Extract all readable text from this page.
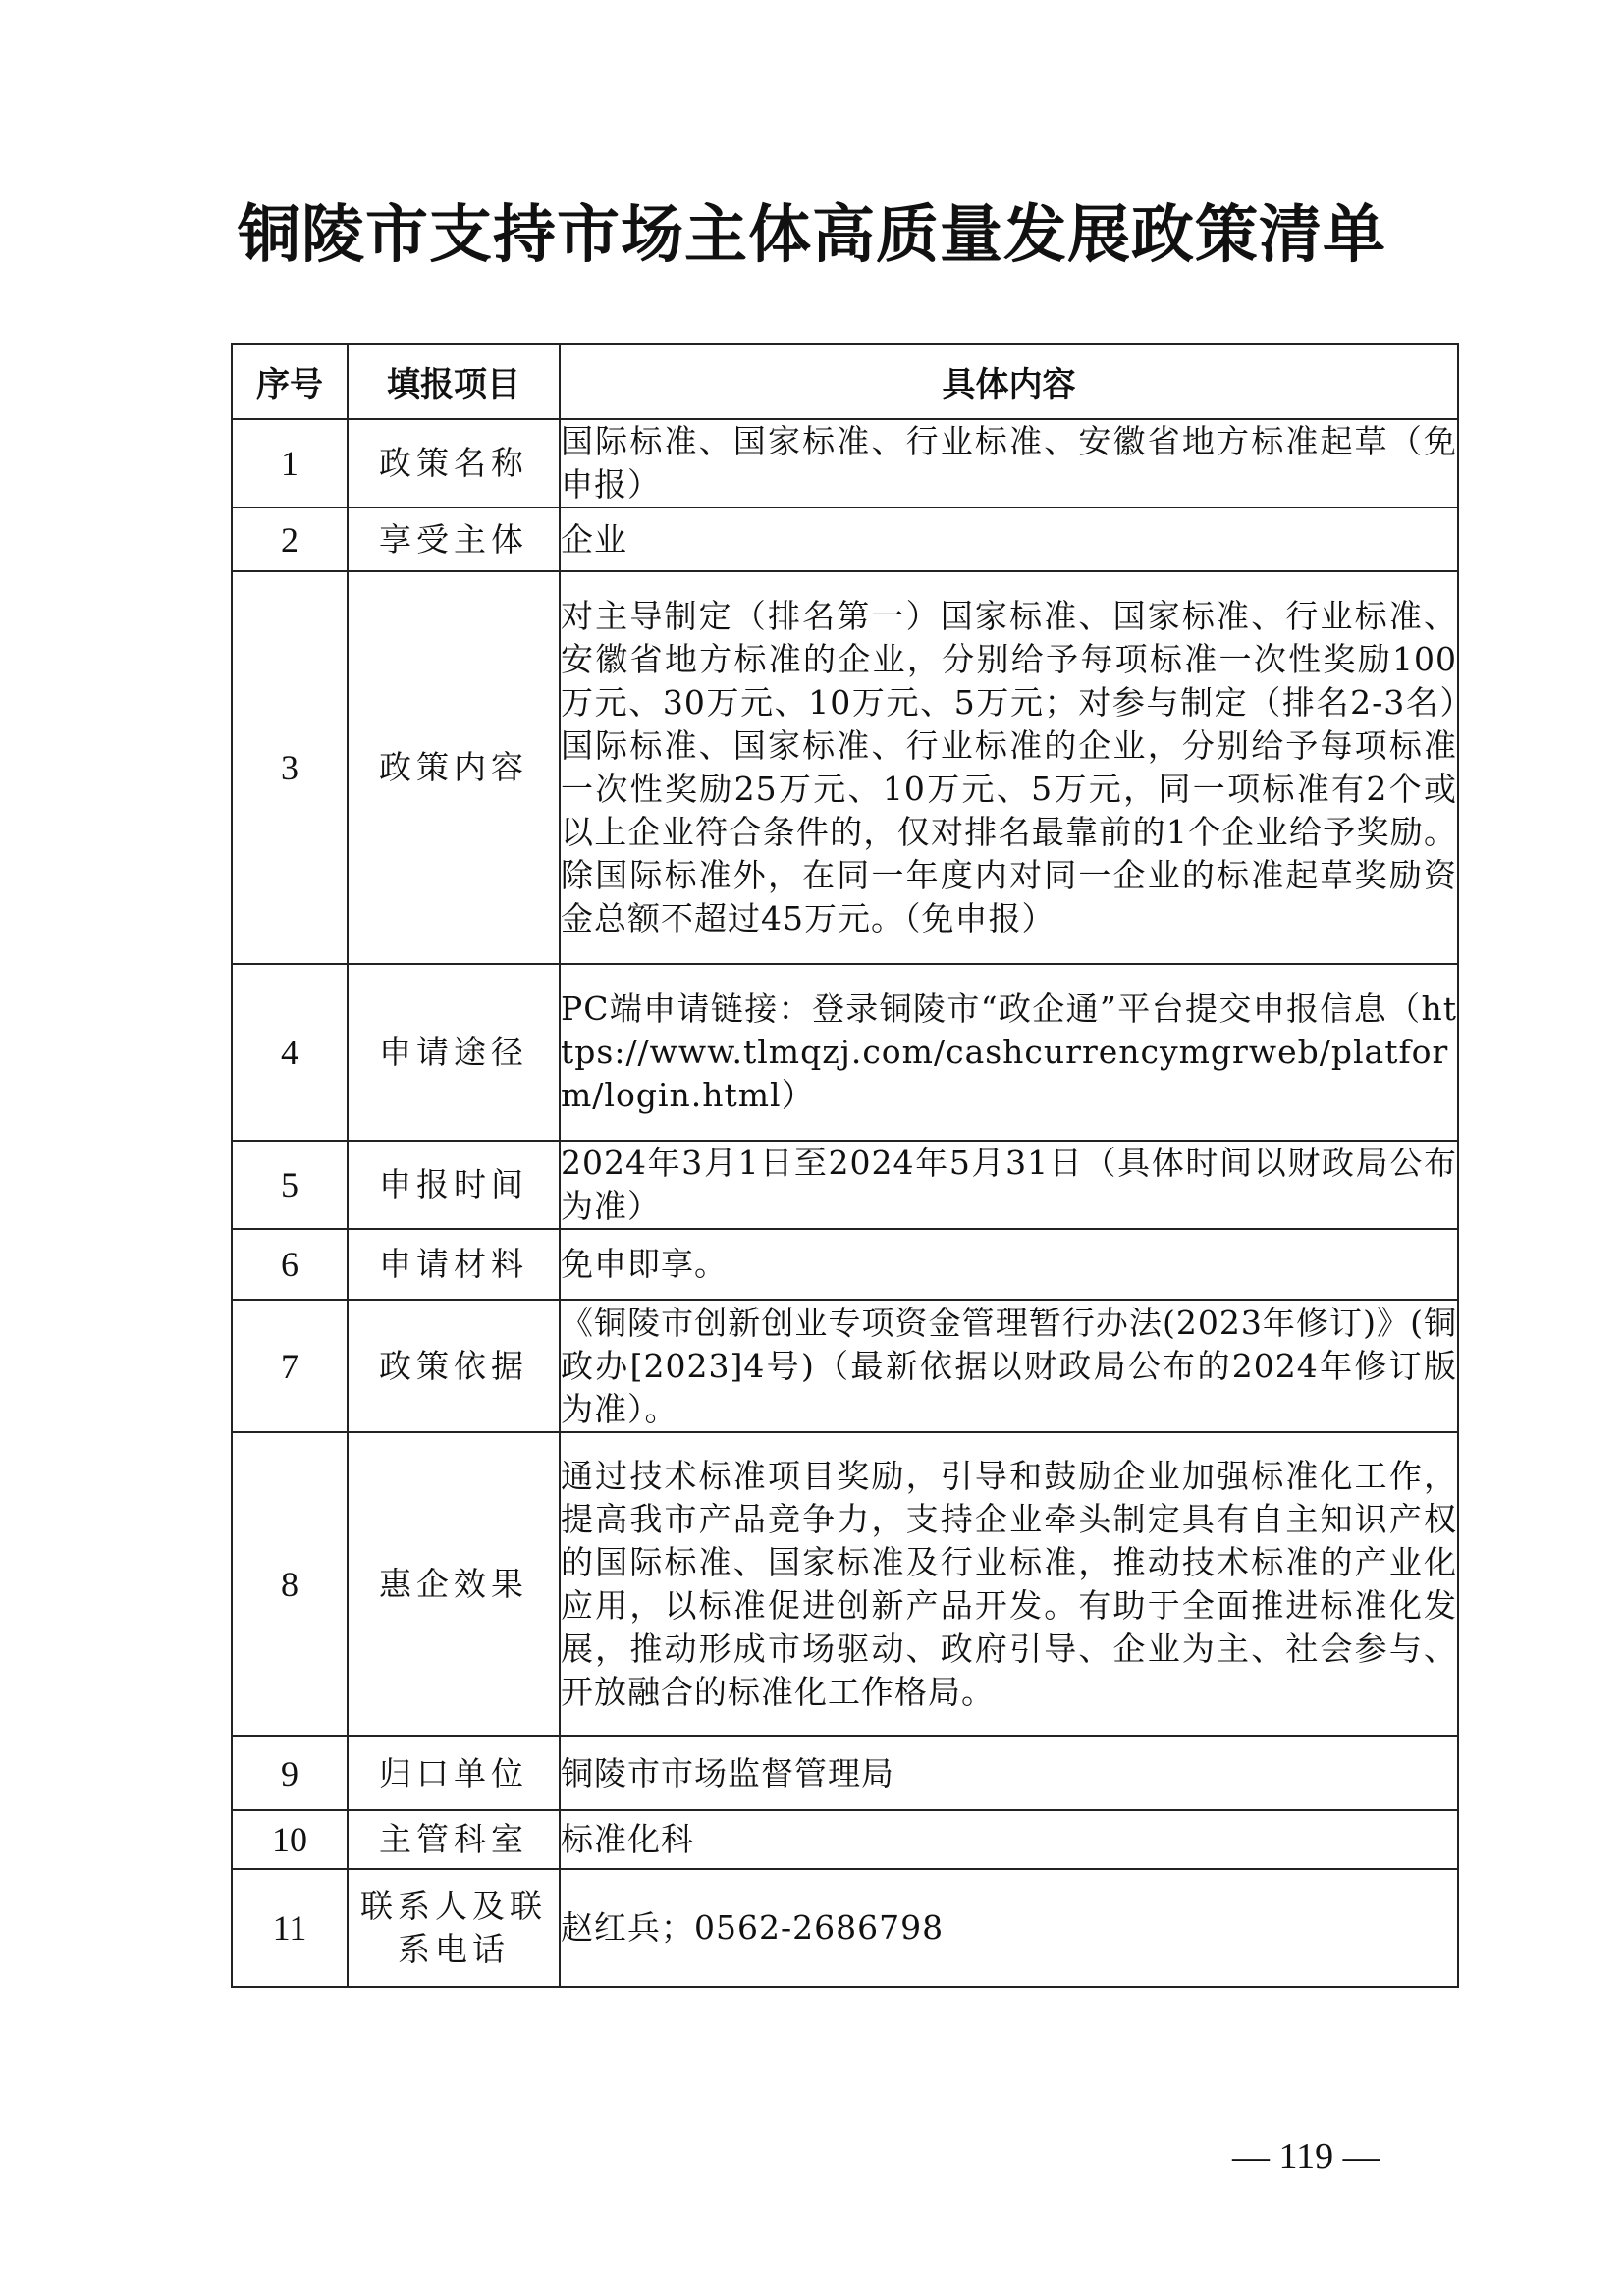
铜陵市支持市场主体高质量发展政策清单
序号	填报项目	具体内容
1	政策名称	国际标准、国家标准、行业标准、安徽省地方标准起草（免申报）
2	享受主体	企业
3	政策内容	对主导制定（排名第一）国家标准、国家标准、行业标准、安徽省地方标准的企业，分别给予每项标准一次性奖励100万元、30万元、10万元、5万元；对参与制定（排名2-3名）国际标准、国家标准、行业标准的企业，分别给予每项标准一次性奖励25万元、10万元、5万元，同一项标准有2个或以上企业符合条件的，仅对排名最靠前的1个企业给予奖励。除国际标准外，在同一年度内对同一企业的标准起草奖励资金总额不超过45万元。（免申报）
4	申请途径	PC端申请链接：登录铜陵市“政企通”平台提交申报信息（https://www.tlmqzj.com/cashcurrencymgrweb/platform/login.html）
5	申报时间	2024年3月1日至2024年5月31日（具体时间以财政局公布为准）
6	申请材料	免申即享。
7	政策依据	《铜陵市创新创业专项资金管理暂行办法(2023年修订)》(铜政办[2023]4号)（最新依据以财政局公布的2024年修订版为准）。
8	惠企效果	通过技术标准项目奖励，引导和鼓励企业加强标准化工作，提高我市产品竞争力，支持企业牵头制定具有自主知识产权的国际标准、国家标准及行业标准，推动技术标准的产业化应用，以标准促进创新产品开发。有助于全面推进标准化发展，推动形成市场驱动、政府引导、企业为主、社会参与、开放融合的标准化工作格局。
9	归口单位	铜陵市市场监督管理局
10	主管科室	标准化科
11	联系人及联系电话	赵红兵；0562-2686798
— 119 —
